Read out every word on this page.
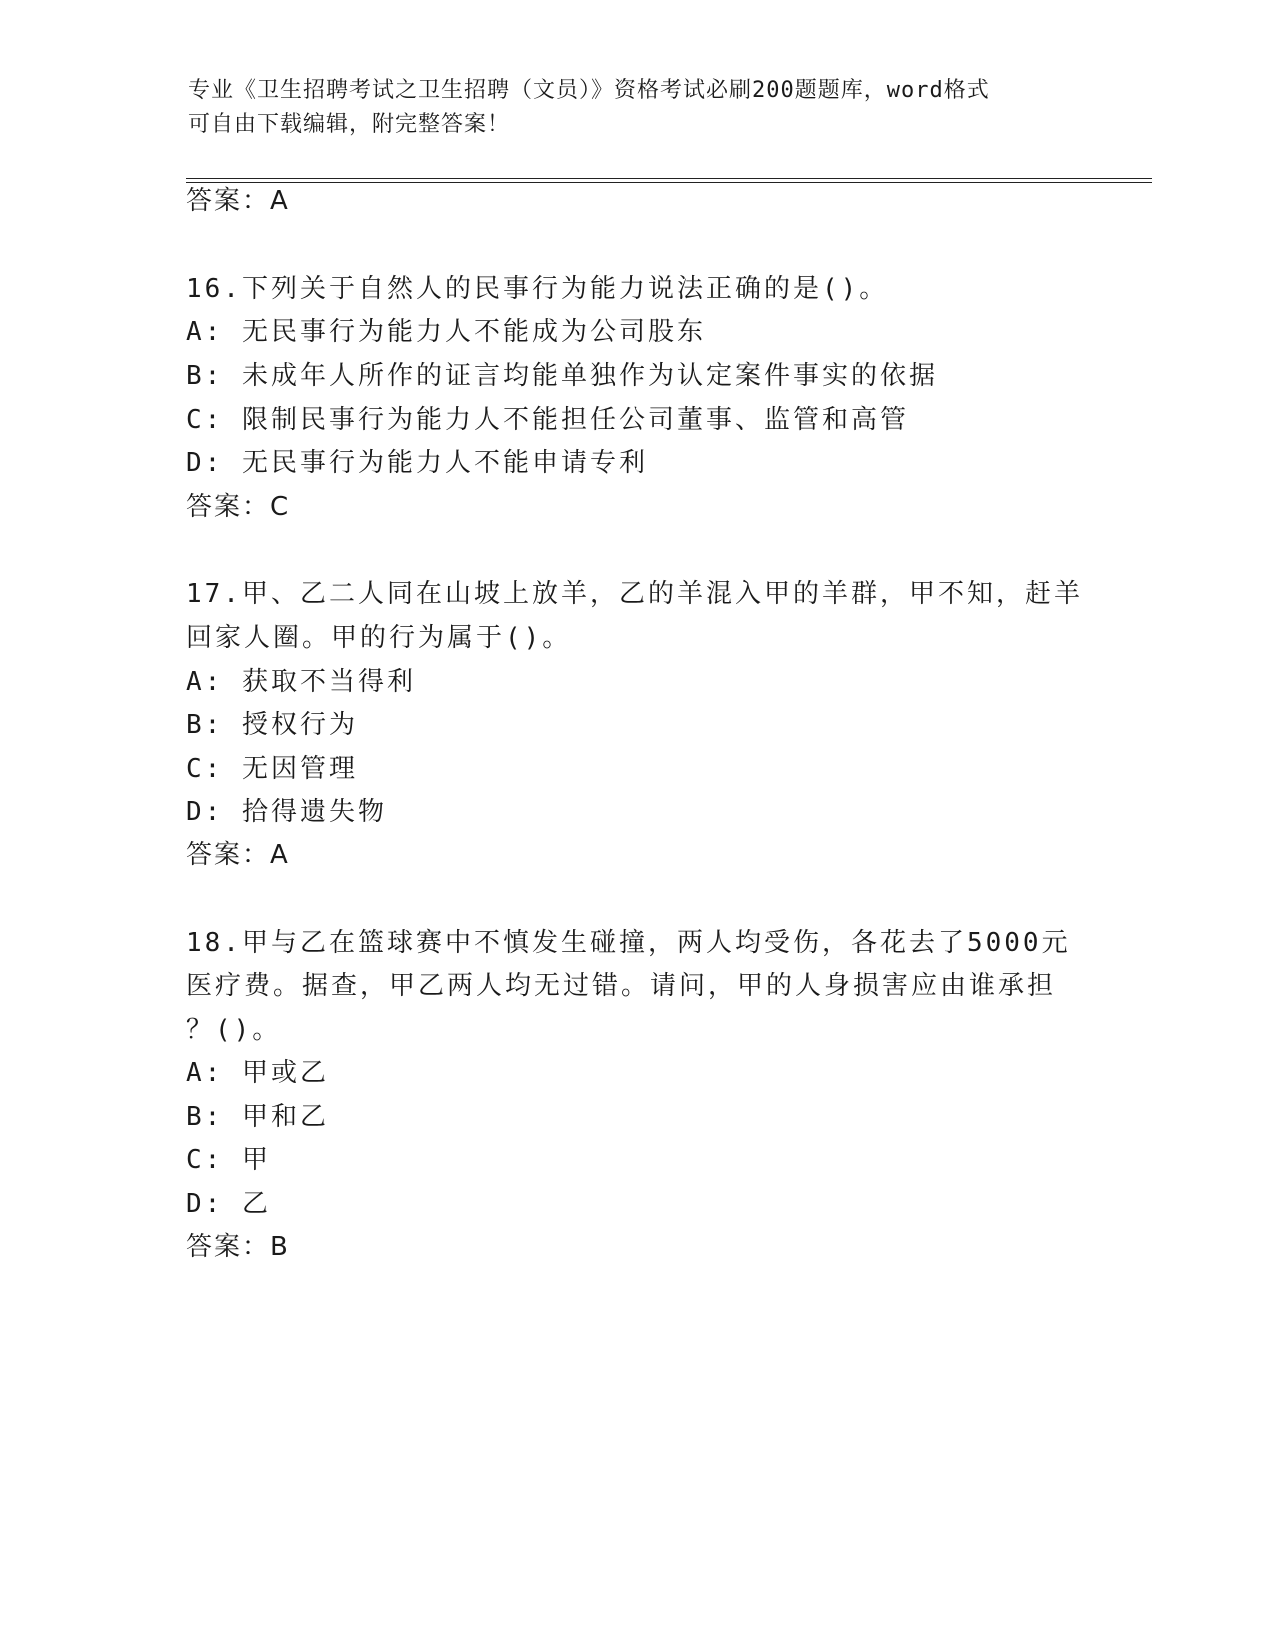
专业《卫生招聘考试之卫生招聘（文员）》资格考试必刷200题题库，word格式
可自由下载编辑，附完整答案！
答案：A
16.下列关于自然人的民事行为能力说法正确的是()。
A: 无民事行为能力人不能成为公司股东
B: 未成年人所作的证言均能单独作为认定案件事实的依据
C: 限制民事行为能力人不能担任公司董事、监管和高管
D: 无民事行为能力人不能申请专利
答案：C
17.甲、乙二人同在山坡上放羊，乙的羊混入甲的羊群，甲不知，赶羊
回家人圈。甲的行为属于()。
A: 获取不当得利
B: 授权行为
C: 无因管理
D: 拾得遗失物
答案：A
18.甲与乙在篮球赛中不慎发生碰撞，两人均受伤，各花去了5000元
医疗费。据查，甲乙两人均无过错。请问，甲的人身损害应由谁承担
？()。
A: 甲或乙
B: 甲和乙
C: 甲
D: 乙
答案：B
